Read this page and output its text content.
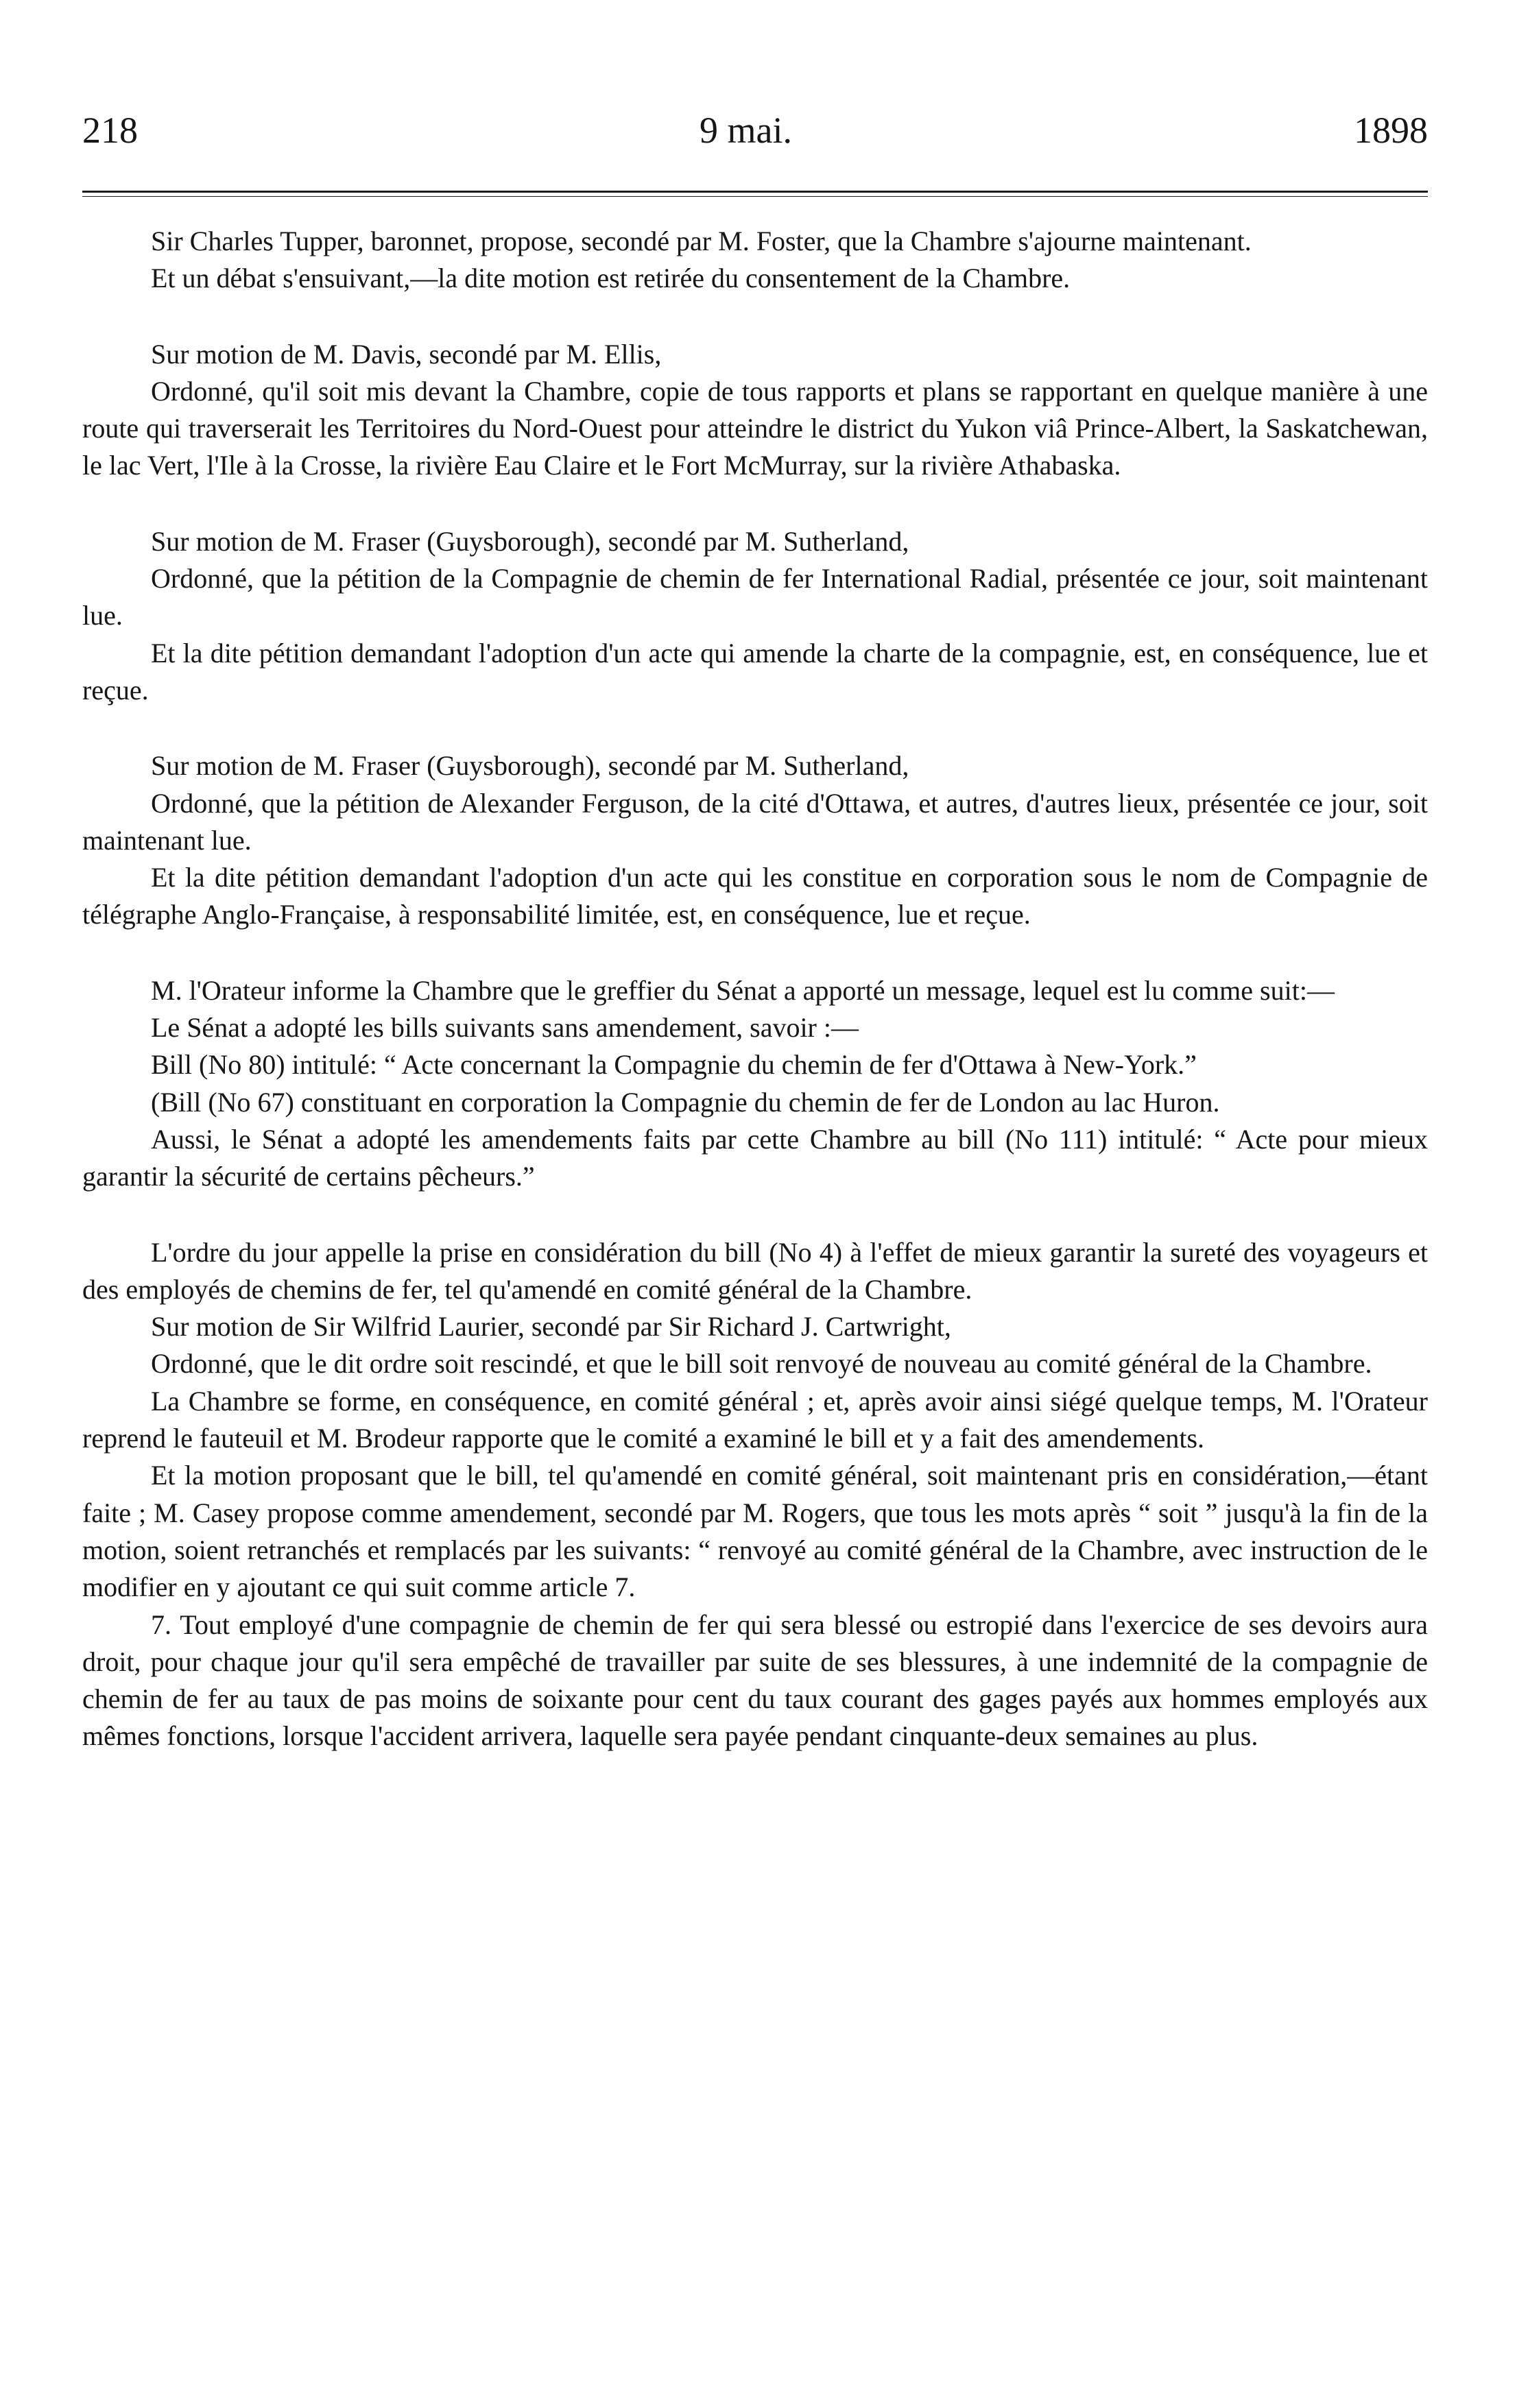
218	9 mai.	1898

Sir Charles Tupper, baronnet, propose, secondé par M. Foster, que la Chambre s'ajourne maintenant.

Et un débat s'ensuivant,—la dite motion est retirée du consentement de la Chambre.

Sur motion de M. Davis, secondé par M. Ellis,

Ordonné, qu'il soit mis devant la Chambre, copie de tous rapports et plans se rapportant en quelque manière à une route qui traverserait les Territoires du Nord-Ouest pour atteindre le district du Yukon viâ Prince-Albert, la Saskatchewan, le lac Vert, l'Ile à la Crosse, la rivière Eau Claire et le Fort McMurray, sur la rivière Athabaska.

Sur motion de M. Fraser (Guysborough), secondé par M. Sutherland,

Ordonné, que la pétition de la Compagnie de chemin de fer International Radial, présentée ce jour, soit maintenant lue.

Et la dite pétition demandant l'adoption d'un acte qui amende la charte de la compagnie, est, en conséquence, lue et reçue.

Sur motion de M. Fraser (Guysborough), secondé par M. Sutherland,

Ordonné, que la pétition de Alexander Ferguson, de la cité d'Ottawa, et autres, d'autres lieux, présentée ce jour, soit maintenant lue.

Et la dite pétition demandant l'adoption d'un acte qui les constitue en corporation sous le nom de Compagnie de télégraphe Anglo-Française, à responsabilité limitée, est, en conséquence, lue et reçue.

M. l'Orateur informe la Chambre que le greffier du Sénat a apporté un message, lequel est lu comme suit:—

Le Sénat a adopté les bills suivants sans amendement, savoir :—

Bill (No 80) intitulé: “ Acte concernant la Compagnie du chemin de fer d'Ottawa à New-York.”

(Bill (No 67) constituant en corporation la Compagnie du chemin de fer de London au lac Huron.

Aussi, le Sénat a adopté les amendements faits par cette Chambre au bill (No 111) intitulé: “ Acte pour mieux garantir la sécurité de certains pêcheurs.”

L'ordre du jour appelle la prise en considération du bill (No 4) à l'effet de mieux garantir la sureté des voyageurs et des employés de chemins de fer, tel qu'amendé en comité général de la Chambre.

Sur motion de Sir Wilfrid Laurier, secondé par Sir Richard J. Cartwright,

Ordonné, que le dit ordre soit rescindé, et que le bill soit renvoyé de nouveau au comité général de la Chambre.

La Chambre se forme, en conséquence, en comité général ; et, après avoir ainsi siégé quelque temps, M. l'Orateur reprend le fauteuil et M. Brodeur rapporte que le comité a examiné le bill et y a fait des amendements.

Et la motion proposant que le bill, tel qu'amendé en comité général, soit maintenant pris en considération,—étant faite ; M. Casey propose comme amendement, secondé par M. Rogers, que tous les mots après “ soit ” jusqu'à la fin de la motion, soient retranchés et remplacés par les suivants: “ renvoyé au comité général de la Chambre, avec instruction de le modifier en y ajoutant ce qui suit comme article 7.

7. Tout employé d'une compagnie de chemin de fer qui sera blessé ou estropié dans l'exercice de ses devoirs aura droit, pour chaque jour qu'il sera empêché de travailler par suite de ses blessures, à une indemnité de la compagnie de chemin de fer au taux de pas moins de soixante pour cent du taux courant des gages payés aux hommes employés aux mêmes fonctions, lorsque l'accident arrivera, laquelle sera payée pendant cinquante-deux semaines au plus.
